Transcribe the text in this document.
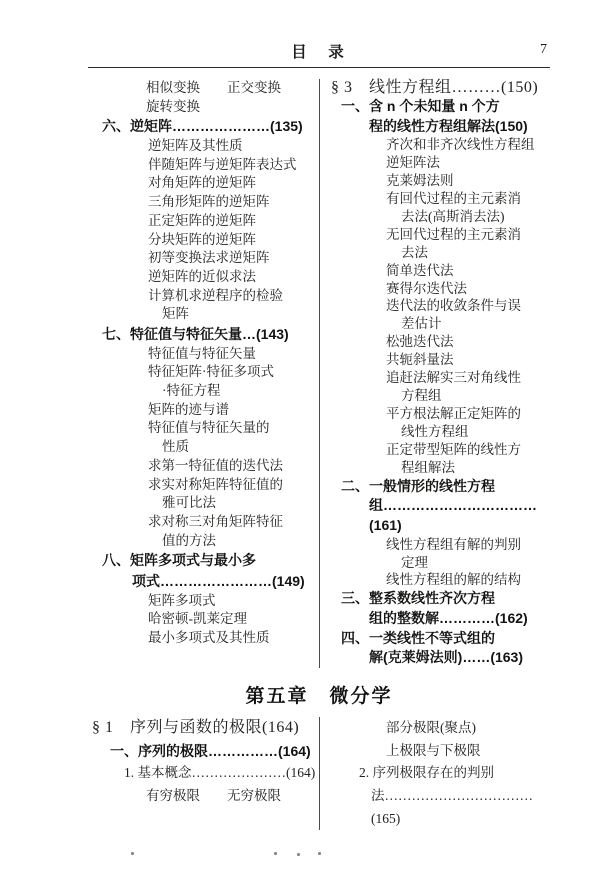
目　录	7
相似变换　　正交变换
旋转变换
六、逆矩阵…………………(135)
逆矩阵及其性质
伴随矩阵与逆矩阵表达式
对角矩阵的逆矩阵
三角形矩阵的逆矩阵
正定矩阵的逆矩阵
分块矩阵的逆矩阵
初等变换法求逆矩阵
逆矩阵的近似求法
计算机求逆程序的检验
矩阵
七、特征值与特征矢量…(143)
特征值与特征矢量
特征矩阵·特征多项式
·特征方程
矩阵的迹与谱
特征值与特征矢量的
性质
求第一特征值的迭代法
求实对称矩阵特征值的
雅可比法
求对称三对角矩阵特征
值的方法
八、矩阵多项式与最小多
项式……………………(149)
矩阵多项式
哈密顿-凯莱定理
最小多项式及其性质
§ 3　线性方程组………(150)
一、含 n 个未知量 n 个方
程的线性方程组解法(150)
齐次和非齐次线性方程组
逆矩阵法
克莱姆法则
有回代过程的主元素消
去法(高斯消去法)
无回代过程的主元素消
去法
简单迭代法
赛得尔迭代法
迭代法的收敛条件与误
差估计
松弛迭代法
共轭斜量法
追赶法解实三对角线性
方程组
平方根法解正定矩阵的
线性方程组
正定带型矩阵的线性方
程组解法
二、一般情形的线性方程
组……………………………(161)
线性方程组有解的判别
定理
线性方程组的解的结构
三、整系数线性齐次方程
组的整数解…………(162)
四、一类线性不等式组的
解(克莱姆法则)……(163)
第五章　微分学
§ 1　序列与函数的极限(164)
一、序列的极限……………(164)
1. 基本概念…………………(164)
有穷极限　　无穷极限
部分极限(聚点)
上极限与下极限
2. 序列极限存在的判别
法……………………………(165)
